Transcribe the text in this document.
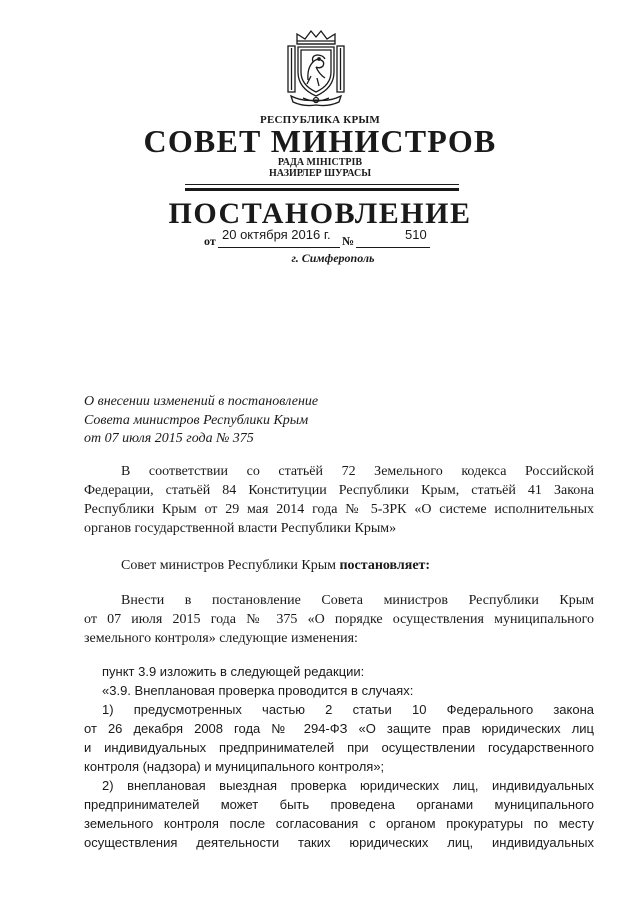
РЕСПУБЛИКА КРЫМ
СОВЕТ МИНИСТРОВ
РАДА МІНІСТРІВ
НАЗИРЛЕР ШУРАСЫ
ПОСТАНОВЛЕНИЕ
от 20 октября 2016 г. №	510
г. Симферополь
О внесении изменений в постановление
Совета министров Республики Крым
от 07 июля 2015 года № 375
В соответствии со статьёй 72 Земельного кодекса Российской
Федерации, статьёй 84 Конституции Республики Крым, статьёй 41 Закона
Республики Крым от 29 мая 2014 года № 5-ЗРК «О системе исполнительных
органов государственной власти Республики Крым»
Совет министров Республики Крым постановляет:
Внести в постановление Совета министров Республики Крым
от 07 июля 2015 года № 375 «О порядке осуществления муниципального
земельного контроля» следующие изменения:
пункт 3.9 изложить в следующей редакции:
«3.9. Внеплановая проверка проводится в случаях:
1) предусмотренных частью 2 статьи 10 Федерального закона
от 26 декабря 2008 года № 294-ФЗ «О защите прав юридических лиц
и индивидуальных предпринимателей при осуществлении государственного
контроля (надзора) и муниципального контроля»;
2) внеплановая выездная проверка юридических лиц, индивидуальных
предпринимателей может быть проведена органами муниципального
земельного контроля после согласования с органом прокуратуры по месту
осуществления деятельности таких юридических лиц, индивидуальных
